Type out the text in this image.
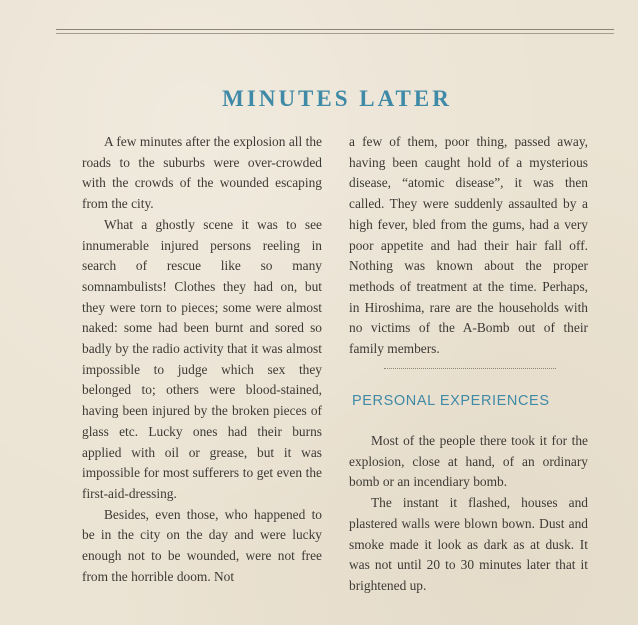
MINUTES LATER

A few minutes after the explosion all the roads to the suburbs were over-crowded with the crowds of the wounded escaping from the city.

What a ghostly scene it was to see innumerable injured persons reeling in search of rescue like so many somnambulists! Clothes they had on, but they were torn to pieces; some were almost naked: some had been burnt and sored so badly by the radio activity that it was almost impossible to judge which sex they belonged to; others were blood-stained, having been injured by the broken pieces of glass etc. Lucky ones had their burns applied with oil or grease, but it was impossible for most sufferers to get even the first-aid-dressing.

Besides, even those, who happened to be in the city on the day and were lucky enough not to be wounded, were not free from the horrible doom. Not

a few of them, poor thing, passed away, having been caught hold of a mysterious disease, “atomic disease”, it was then called. They were suddenly assaulted by a high fever, bled from the gums, had a very poor appetite and had their hair fall off. Nothing was known about the proper methods of treatment at the time. Perhaps, in Hiroshima, rare are the households with no victims of the A-Bomb out of their family members.

PERSONAL EXPERIENCES

Most of the people there took it for the explosion, close at hand, of an ordinary bomb or an incendiary bomb.

The instant it flashed, houses and plastered walls were blown bown. Dust and smoke made it look as dark as at dusk. It was not until 20 to 30 minutes later that it brightened up.
